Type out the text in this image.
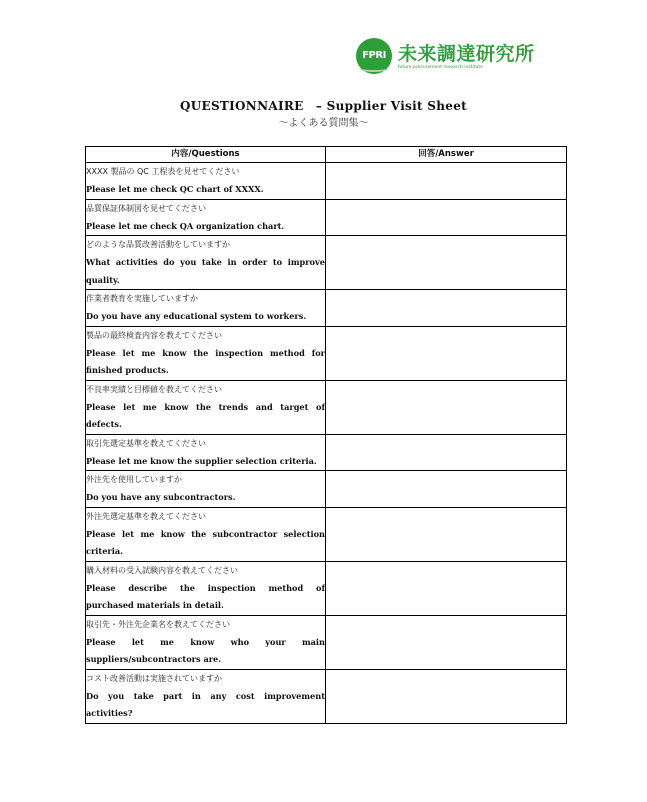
FPRI 未来調達研究所
future procurement research institute
QUESTIONNAIRE　– Supplier Visit Sheet
〜よくある質問集〜
内容/Questions	回答/Answer

XXXX 製品の QC 工程表を見せてください
Please let me check QC chart of XXXX.	

品質保証体制図を見せてください
Please let me check QA organization chart.	

どのような品質改善活動をしていますか
What activities do you take in order to improve quality.	

作業者教育を実施していますか
Do you have any educational system to workers.	

製品の最終検査内容を教えてください
Please let me know the inspection method for finished products.	

不良率実績と目標値を教えてください
Please let me know the trends and target of defects.	

取引先選定基準を教えてください
Please let me know the supplier selection criteria.	

外注先を使用していますか
Do you have any subcontractors.	

外注先選定基準を教えてください
Please let me know the subcontractor selection criteria.	

購入材料の受入試験内容を教えてください
Please describe the inspection method of purchased materials in detail.	

取引先・外注先企業名を教えてください
Please let me know who your main suppliers/subcontractors are.	

コスト改善活動は実施されていますか
Do you take part in any cost improvement activities?	
